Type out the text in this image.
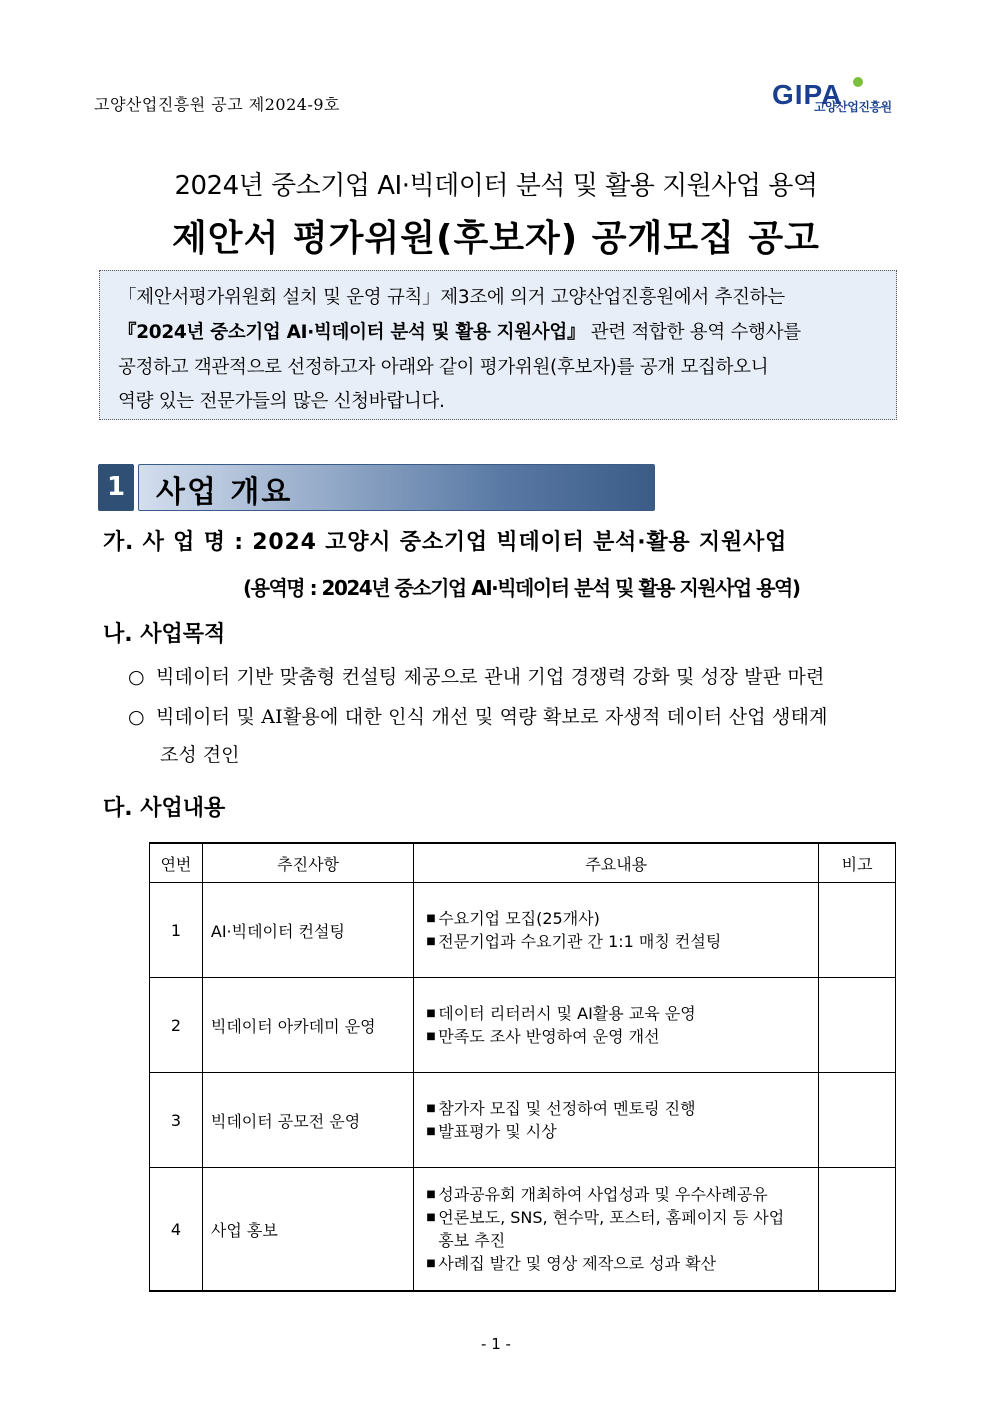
고양산업진흥원 공고 제2024-9호	GIPA
고양산업진흥원
2024년 중소기업 AI·빅데이터 분석 및 활용 지원사업 용역
제안서 평가위원(후보자) 공개모집 공고
「제안서평가위원회 설치 및 운영 규칙」제3조에 의거 고양산업진흥원에서 추진하는
『2024년 중소기업 AI·빅데이터 분석 및 활용 지원사업』 관련 적합한 용역 수행사를
공정하고 객관적으로 선정하고자 아래와 같이 평가위원(후보자)를 공개 모집하오니
역량 있는 전문가들의 많은 신청바랍니다.
1 사업 개요
가. 사 업 명 : 2024 고양시 중소기업 빅데이터 분석·활용 지원사업
(용역명 : 2024년 중소기업 AI·빅데이터 분석 및 활용 지원사업 용역)
나. 사업목적
○ 빅데이터 기반 맞춤형 컨설팅 제공으로 관내 기업 경쟁력 강화 및 성장 발판 마련
○ 빅데이터 및 AI활용에 대한 인식 개선 및 역량 확보로 자생적 데이터 산업 생태계
조성 견인
다. 사업내용
연번	추진사항	주요내용	비고
1	AI·빅데이터 컨설팅	■ 수요기업 모집(25개사)
■ 전문기업과 수요기관 간 1:1 매칭 컨설팅

2	빅데이터 아카데미 운영	■ 데이터 리터러시 및 AI활용 교육 운영
■ 만족도 조사 반영하여 운영 개선

3	빅데이터 공모전 운영	■ 참가자 모집 및 선정하여 멘토링 진행
■ 발표평가 및 시상

4	사업 홍보	■ 성과공유회 개최하여 사업성과 및 우수사례공유
■ 언론보도, SNS, 현수막, 포스터, 홈페이지 등 사업
홍보 추진
■ 사례집 발간 및 영상 제작으로 성과 확산

- 1 -
